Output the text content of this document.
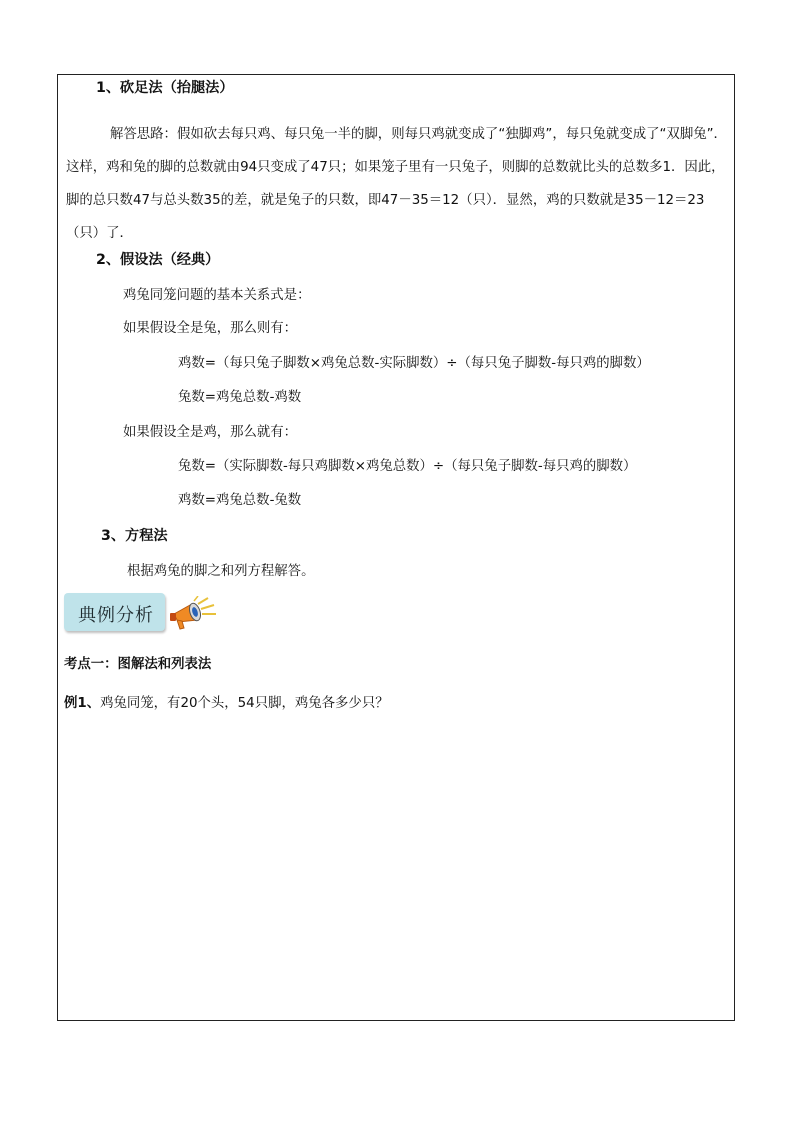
1、砍足法（抬腿法）
解答思路：假如砍去每只鸡、每只兔一半的脚，则每只鸡就变成了“独脚鸡”，每只兔就变成了“双脚兔”．这样，鸡和兔的脚的总数就由94只变成了47只；如果笼子里有一只兔子，则脚的总数就比头的总数多1．因此，脚的总只数47与总头数35的差，就是兔子的只数，即47－35＝12（只）．显然，鸡的只数就是35－12＝23（只）了．
2、假设法（经典）
鸡兔同笼问题的基本关系式是：
如果假设全是兔，那么则有：
鸡数=（每只兔子脚数×鸡兔总数-实际脚数）÷（每只兔子脚数-每只鸡的脚数）
兔数=鸡兔总数-鸡数
如果假设全是鸡，那么就有：
兔数=（实际脚数-每只鸡脚数×鸡兔总数）÷（每只兔子脚数-每只鸡的脚数）
鸡数=鸡兔总数-兔数
3、方程法
根据鸡兔的脚之和列方程解答。
典例分析
考点一：图解法和列表法
例1、鸡兔同笼，有20个头，54只脚，鸡兔各多少只？
